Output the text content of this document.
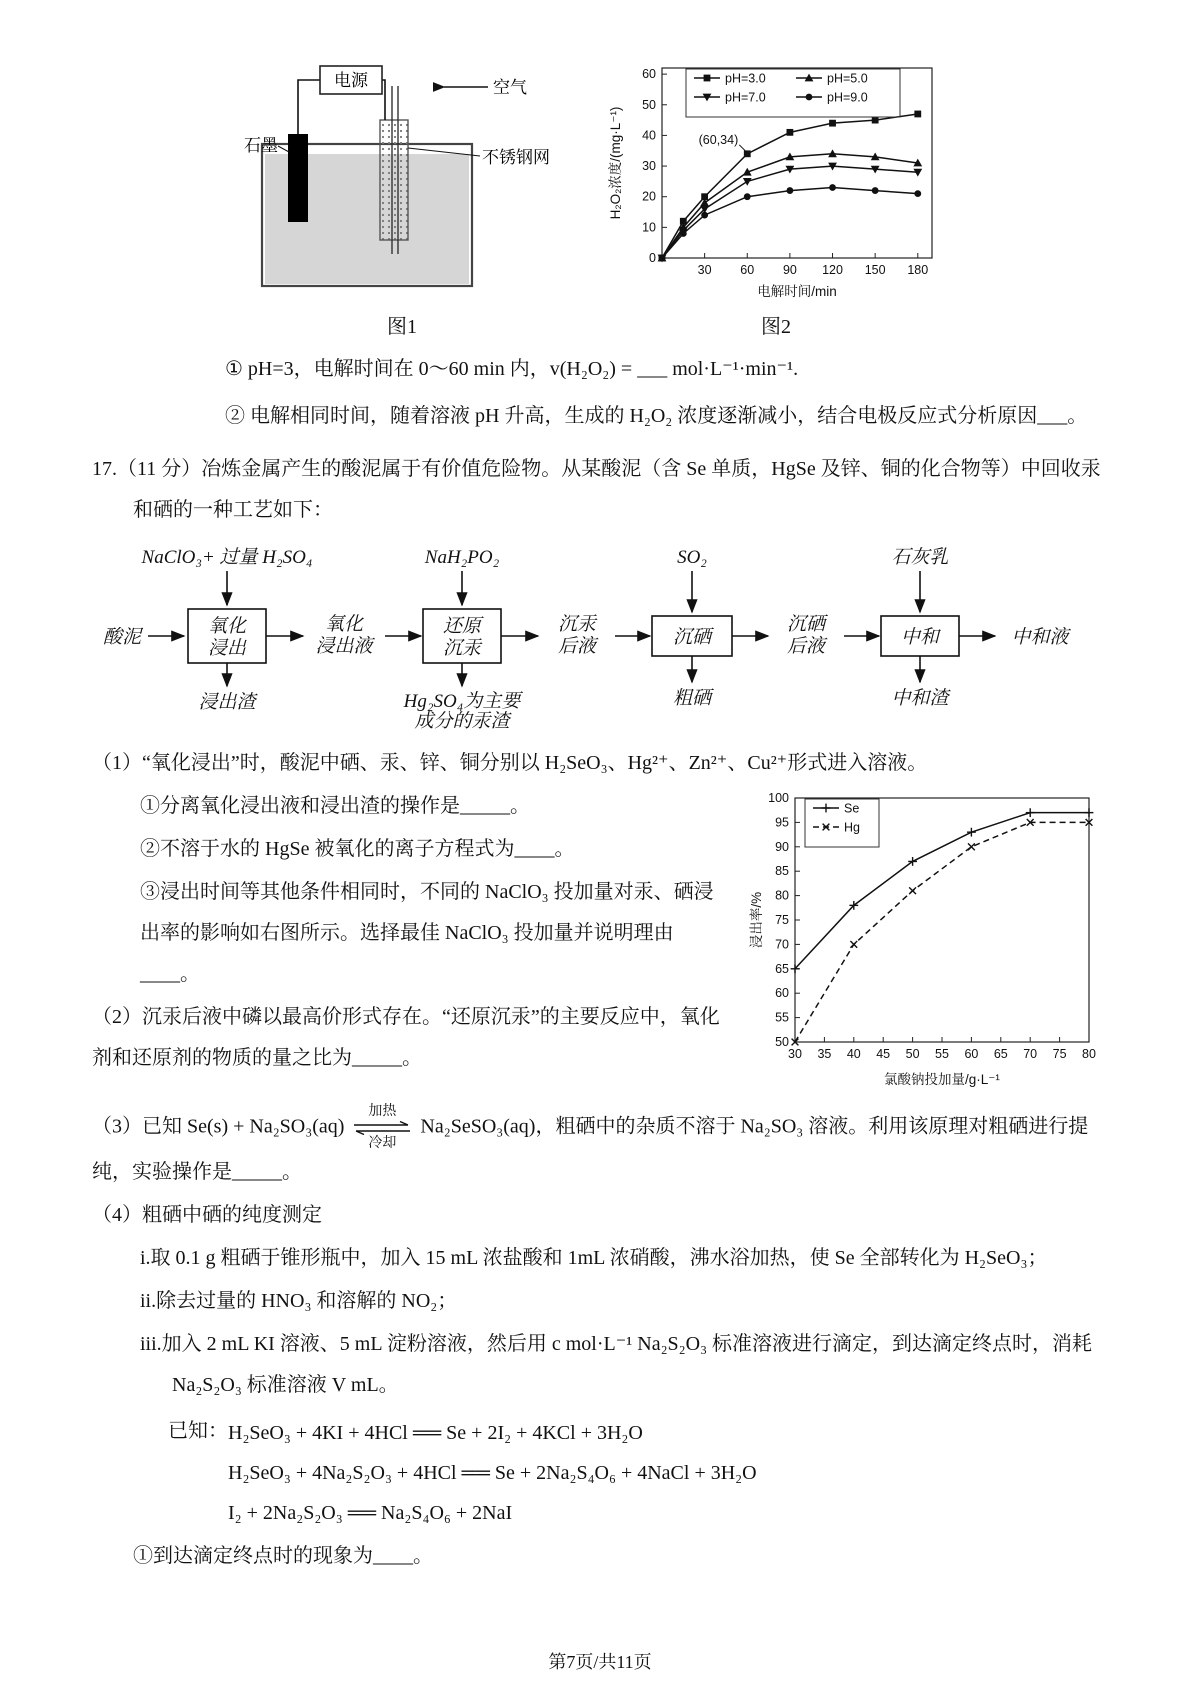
电源	空气
石墨
不锈钢网
图1
30 60 90 120 150 180
0
10
20
30
40
50
60
电解时间/min
H₂O₂浓度/(mg·L⁻¹)	(60,34)
pH=3.0	pH=5.0
pH=7.0	pH=9.0
图2

① pH=3，电解时间在 0～60 min 内，v(H₂O₂) = ___ mol·L⁻¹·min⁻¹.

② 电解相同时间，随着溶液 pH 升高，生成的 H₂O₂ 浓度逐渐减小，结合电极反应式分析原因___。

17.（11 分）冶炼金属产生的酸泥属于有价值危险物。从某酸泥（含 Se 单质，HgSe 及锌、铜的化合物等）中回收汞和硒的一种工艺如下：

酸泥
氧化
浸出
氧化
浸出液
还原
沉汞
沉汞
后液	沉硒
沉硒
后液	中和	中和液
NaClO₃+ 过量 H₂SO₄	NaH₂PO₂	SO₂	石灰乳
浸出渣	Hg₂SO₄为主要
成分的汞渣
粗硒	中和渣

（1）“氧化浸出”时，酸泥中硒、汞、锌、铜分别以 H₂SeO₃、Hg²⁺、Zn²⁺、Cu²⁺形式进入溶液。

30 35 40 45 50 55 60 65 70 75 80
50
55
60
65
70
75
80
85
90
95
100
氯酸钠投加量/g·L⁻¹
浸出率/%
Se
Hg

①分离氧化浸出液和浸出渣的操作是_____。

②不溶于水的 HgSe 被氧化的离子方程式为____。

③浸出时间等其他条件相同时，不同的 NaClO₃ 投加量对汞、硒浸出率的影响如右图所示。选择最佳 NaClO₃ 投加量并说明理由____。

（2）沉汞后液中磷以最高价形式存在。“还原沉汞”的主要反应中，氧化剂和还原剂的物质的量之比为_____。

（3）已知 Se(s) + Na₂SO₃(aq)
加热
冷却
Na₂SeSO₃(aq)，粗硒中的杂质不溶于 Na₂SO₃ 溶液。利用该原理对粗硒进行提纯，实验操作是_____。

（4）粗硒中硒的纯度测定

i.取 0.1 g 粗硒于锥形瓶中，加入 15 mL 浓盐酸和 1mL 浓硝酸，沸水浴加热，使 Se 全部转化为 H₂SeO₃；

ii.除去过量的 HNO₃ 和溶解的 NO₂；

iii.加入 2 mL KI 溶液、5 mL 淀粉溶液，然后用 c mol·L⁻¹ Na₂S₂O₃ 标准溶液进行滴定，到达滴定终点时，消耗 Na₂S₂O₃ 标准溶液 V mL。

已知： H₂SeO₃ + 4KI + 4HCl ══ Se + 2I₂ + 4KCl + 3H₂O

H₂SeO₃ + 4Na₂S₂O₃ + 4HCl ══ Se + 2Na₂S₄O₆ + 4NaCl + 3H₂O

I₂ + 2Na₂S₂O₃ ══ Na₂S₄O₆ + 2NaI

①到达滴定终点时的现象为____。

第7页/共11页
